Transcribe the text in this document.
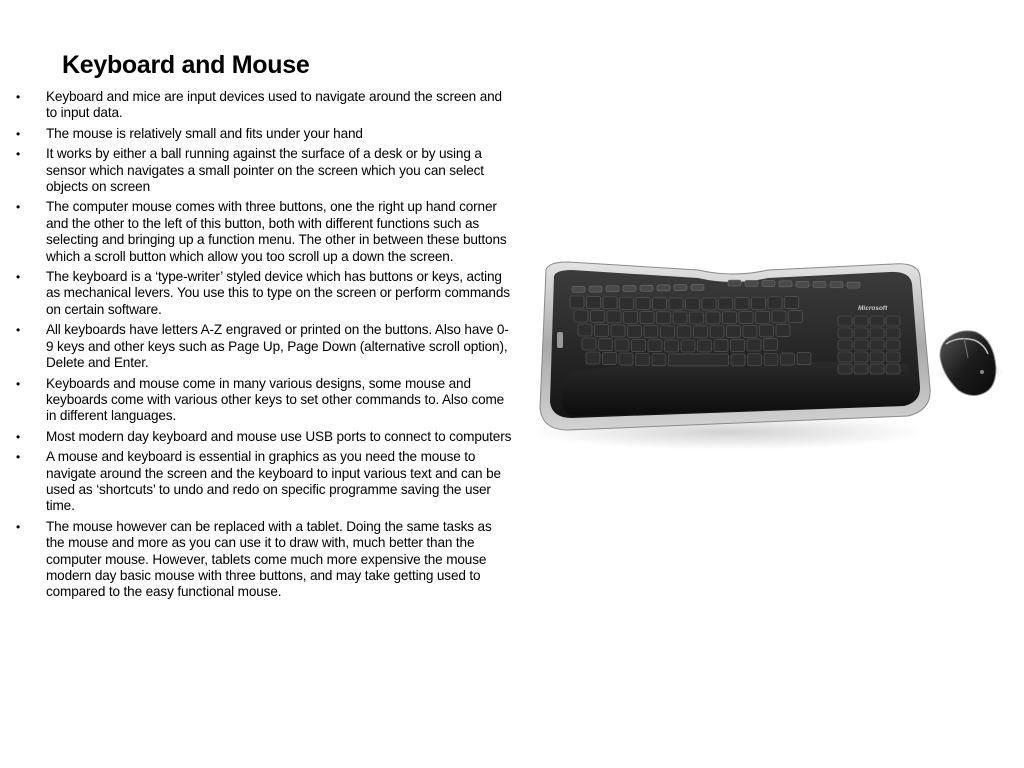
Keyboard and Mouse
• Keyboard and mice are input devices used to navigate around the screen and to input data.
• The mouse is relatively small and fits under your hand
• It works by either a ball running against the surface of a desk or by using a sensor which navigates a small pointer on the screen which you can select objects on screen
• The computer mouse comes with three buttons, one the right up hand corner and the other to the left of this button, both with different functions such as selecting and bringing up a function menu. The other in between these buttons which a scroll button which allow you too scroll up a down the screen.
• The keyboard is a ‘type-writer’ styled device which has buttons or keys, acting as mechanical levers. You use this to type on the screen or perform commands on certain software.
• All keyboards have letters A-Z engraved or printed on the buttons. Also have 0-9 keys and other keys such as Page Up, Page Down (alternative scroll option), Delete and Enter.
• Keyboards and mouse come in many various designs, some mouse and keyboards come with various other keys to set other commands to. Also come in different languages.
• Most modern day keyboard and mouse use USB ports to connect to computers
• A mouse and keyboard is essential in graphics as you need the mouse to navigate around the screen and the keyboard to input various text and can be used as ‘shortcuts’ to undo and redo on specific programme saving the user time.
• The mouse however can be replaced with a tablet. Doing the same tasks as the mouse and more as you can use it to draw with, much better than the computer mouse. However, tablets come much more expensive the mouse modern day basic mouse with three buttons, and may take getting used to compared to the easy functional mouse.
Microsoft
